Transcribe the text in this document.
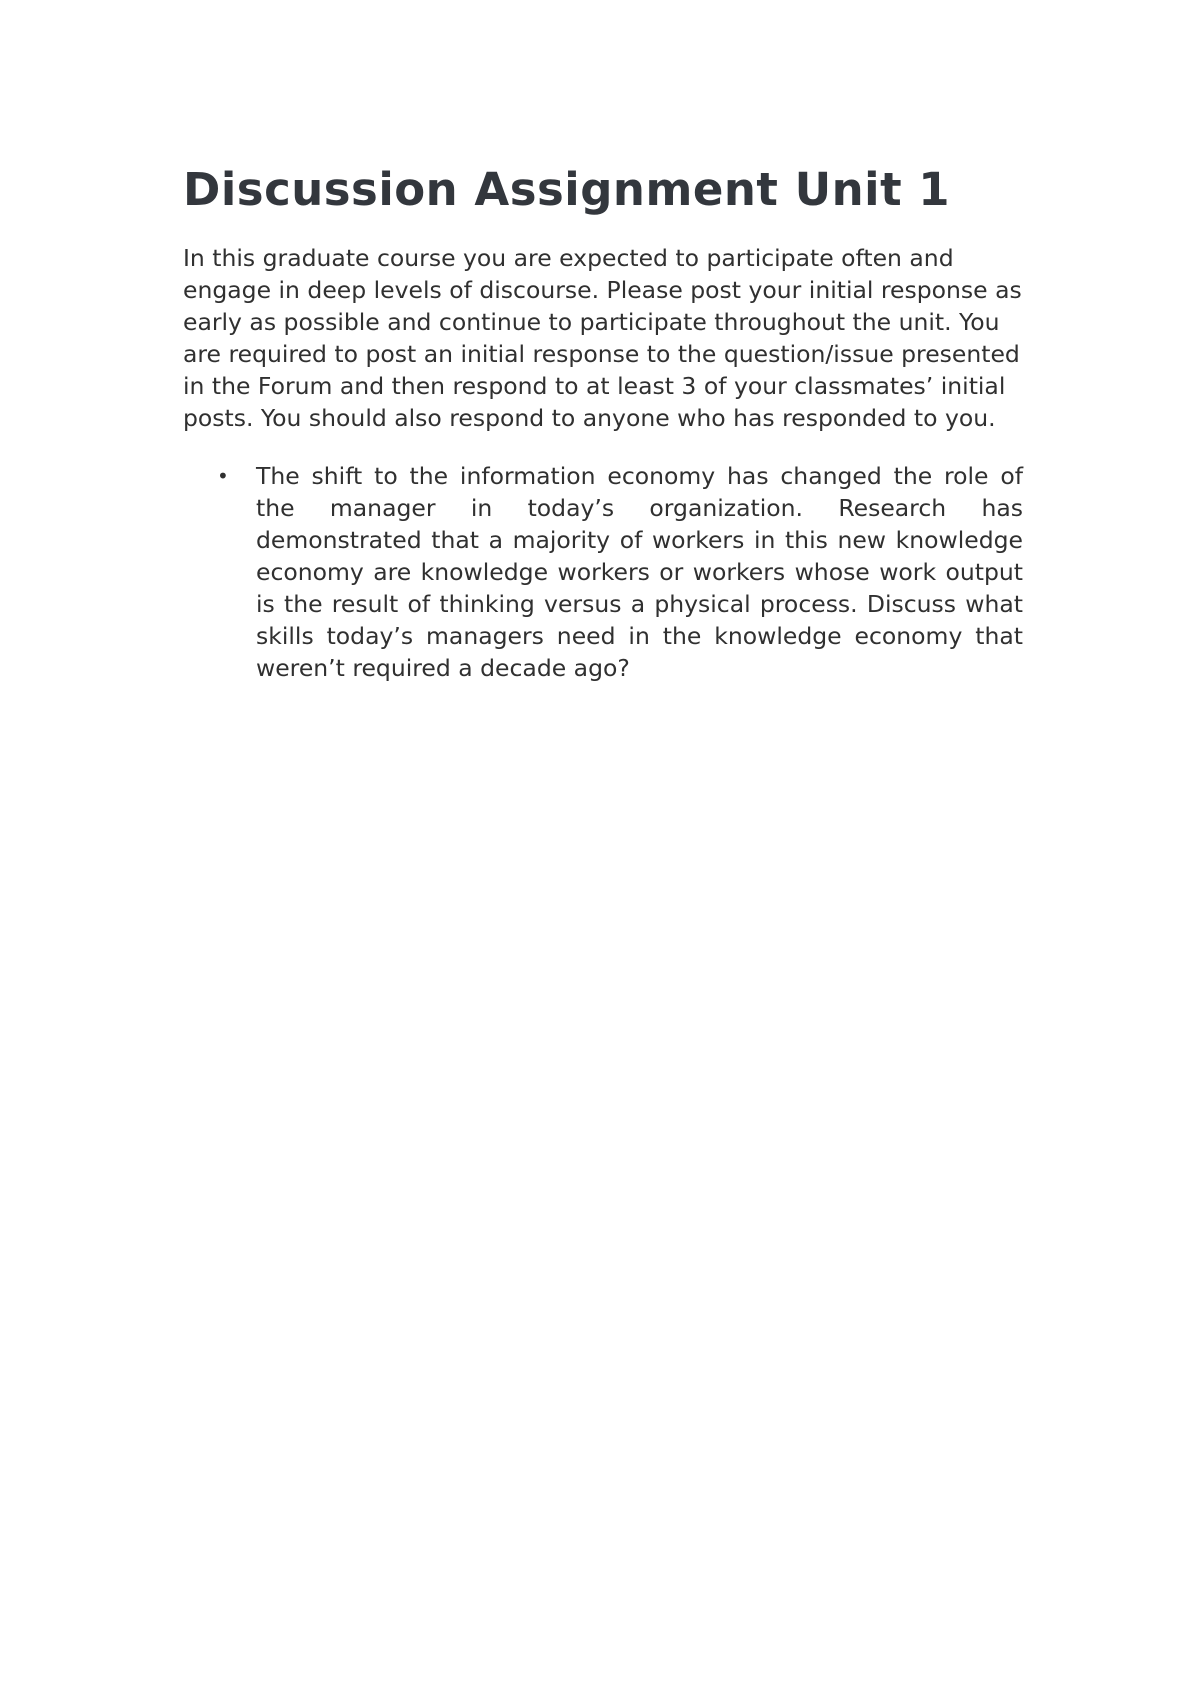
Discussion Assignment Unit 1

In this graduate course you are expected to participate often and engage in deep levels of discourse. Please post your initial response as early as possible and continue to participate throughout the unit. You are required to post an initial response to the question/issue presented in the Forum and then respond to at least 3 of your classmates’ initial posts. You should also respond to anyone who has responded to you.

• The shift to the information economy has changed the role of the manager in today’s organization. Research has demonstrated that a majority of workers in this new knowledge economy are knowledge workers or workers whose work output is the result of thinking versus a physical process. Discuss what skills today’s managers need in the knowledge economy that weren’t required a decade ago?
